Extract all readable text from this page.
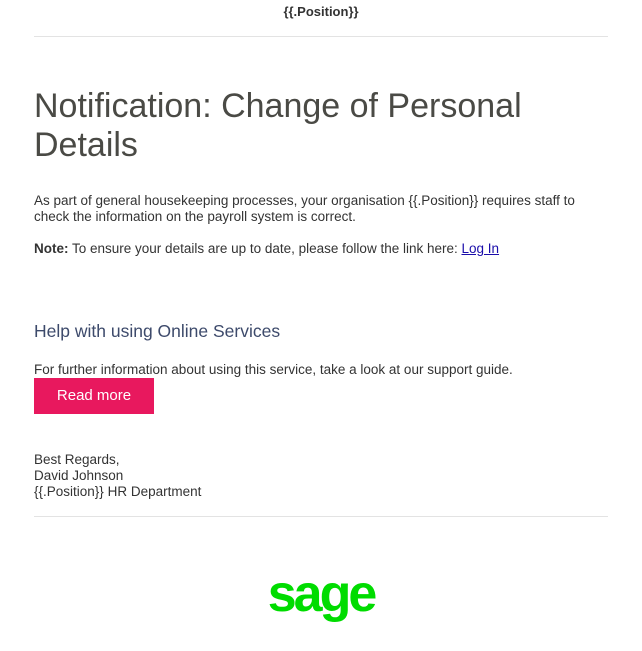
{{.Position}}
Notification: Change of Personal Details

As part of general housekeeping processes, your organisation {{.Position}} requires staff to check the information on the payroll system is correct.

Note: To ensure your details are up to date, please follow the link here: Log In

Help with using Online Services

For further information about using this service, take a look at our support guide.

Read more
Best Regards,
David Johnson
{{.Position}} HR Department
sage
